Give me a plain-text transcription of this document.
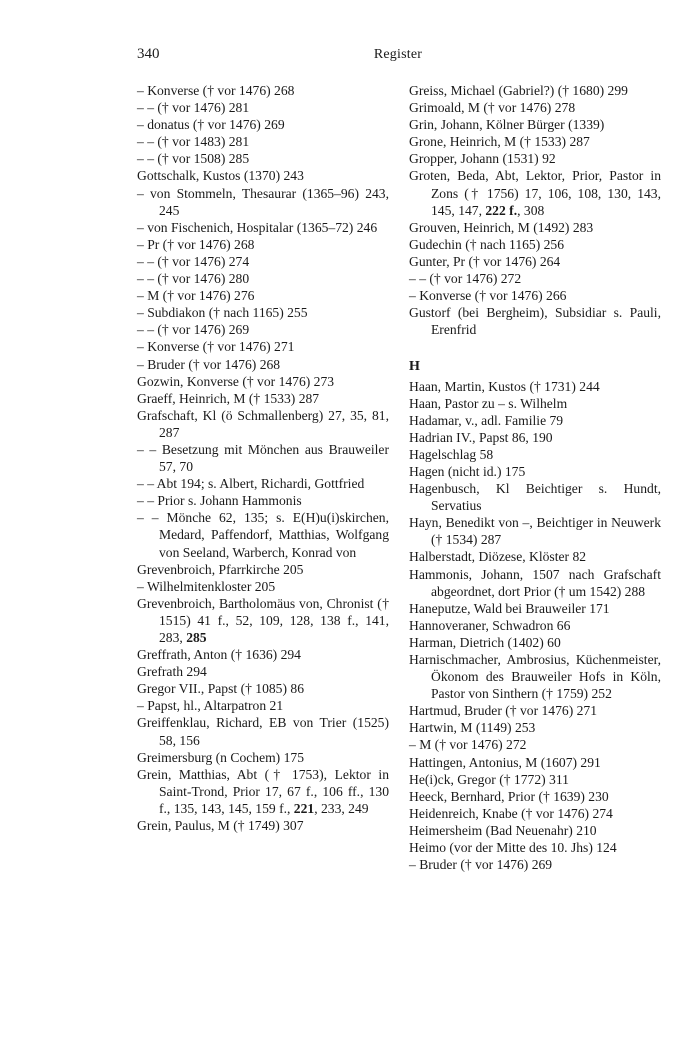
340	Register
– Konverse († vor 1476) 268
– – († vor 1476) 281
– donatus († vor 1476) 269
– – († vor 1483) 281
– – († vor 1508) 285
Gottschalk, Kustos (1370) 243
– von Stommeln, Thesaurar (1365–96) 243, 245
– von Fischenich, Hospitalar (1365–72) 246
– Pr († vor 1476) 268
– – († vor 1476) 274
– – († vor 1476) 280
– M († vor 1476) 276
– Subdiakon († nach 1165) 255
– – († vor 1476) 269
– Konverse († vor 1476) 271
– Bruder († vor 1476) 268
Gozwin, Konverse († vor 1476) 273
Graeff, Heinrich, M († 1533) 287
Grafschaft, Kl (ö Schmallenberg) 27, 35, 81, 287
– – Besetzung mit Mönchen aus Brauweiler 57, 70
– – Abt 194; s. Albert, Richardi, Gottfried
– – Prior s. Johann Hammonis
– – Mönche 62, 135; s. E(H)u(i)skirchen, Medard, Paffendorf, Matthias, Wolfgang von Seeland, Warberch, Konrad von
Grevenbroich, Pfarrkirche 205
– Wilhelmitenkloster 205
Grevenbroich, Bartholomäus von, Chronist († 1515) 41 f., 52, 109, 128, 138 f., 141, 283, 285
Greffrath, Anton († 1636) 294
Grefrath 294
Gregor VII., Papst († 1085) 86
– Papst, hl., Altarpatron 21
Greiffenklau, Richard, EB von Trier (1525) 58, 156
Greimersburg (n Cochem) 175
Grein, Matthias, Abt († 1753), Lektor in Saint-Trond, Prior 17, 67 f., 106 ff., 130 f., 135, 143, 145, 159 f., 221, 233, 249
Grein, Paulus, M († 1749) 307
Greiss, Michael (Gabriel?) († 1680) 299
Grimoald, M († vor 1476) 278
Grin, Johann, Kölner Bürger (1339)
Grone, Heinrich, M († 1533) 287
Gropper, Johann (1531) 92
Groten, Beda, Abt, Lektor, Prior, Pastor in Zons († 1756) 17, 106, 108, 130, 143, 145, 147, 222 f., 308
Grouven, Heinrich, M (1492) 283
Gudechin († nach 1165) 256
Gunter, Pr († vor 1476) 264
– – († vor 1476) 272
– Konverse († vor 1476) 266
Gustorf (bei Bergheim), Subsidiar s. Pauli, Erenfrid
H
Haan, Martin, Kustos († 1731) 244
Haan, Pastor zu – s. Wilhelm
Hadamar, v., adl. Familie 79
Hadrian IV., Papst 86, 190
Hagelschlag 58
Hagen (nicht id.) 175
Hagenbusch, Kl Beichtiger s. Hundt, Servatius
Hayn, Benedikt von –, Beichtiger in Neuwerk († 1534) 287
Halberstadt, Diözese, Klöster 82
Hammonis, Johann, 1507 nach Grafschaft abgeordnet, dort Prior († um 1542) 288
Haneputze, Wald bei Brauweiler 171
Hannoveraner, Schwadron 66
Harman, Dietrich (1402) 60
Harnischmacher, Ambrosius, Küchenmeister, Ökonom des Brauweiler Hofs in Köln, Pastor von Sinthern († 1759) 252
Hartmud, Bruder († vor 1476) 271
Hartwin, M (1149) 253
– M († vor 1476) 272
Hattingen, Antonius, M (1607) 291
He(i)ck, Gregor († 1772) 311
Heeck, Bernhard, Prior († 1639) 230
Heidenreich, Knabe († vor 1476) 274
Heimersheim (Bad Neuenahr) 210
Heimo (vor der Mitte des 10. Jhs) 124
– Bruder († vor 1476) 269
